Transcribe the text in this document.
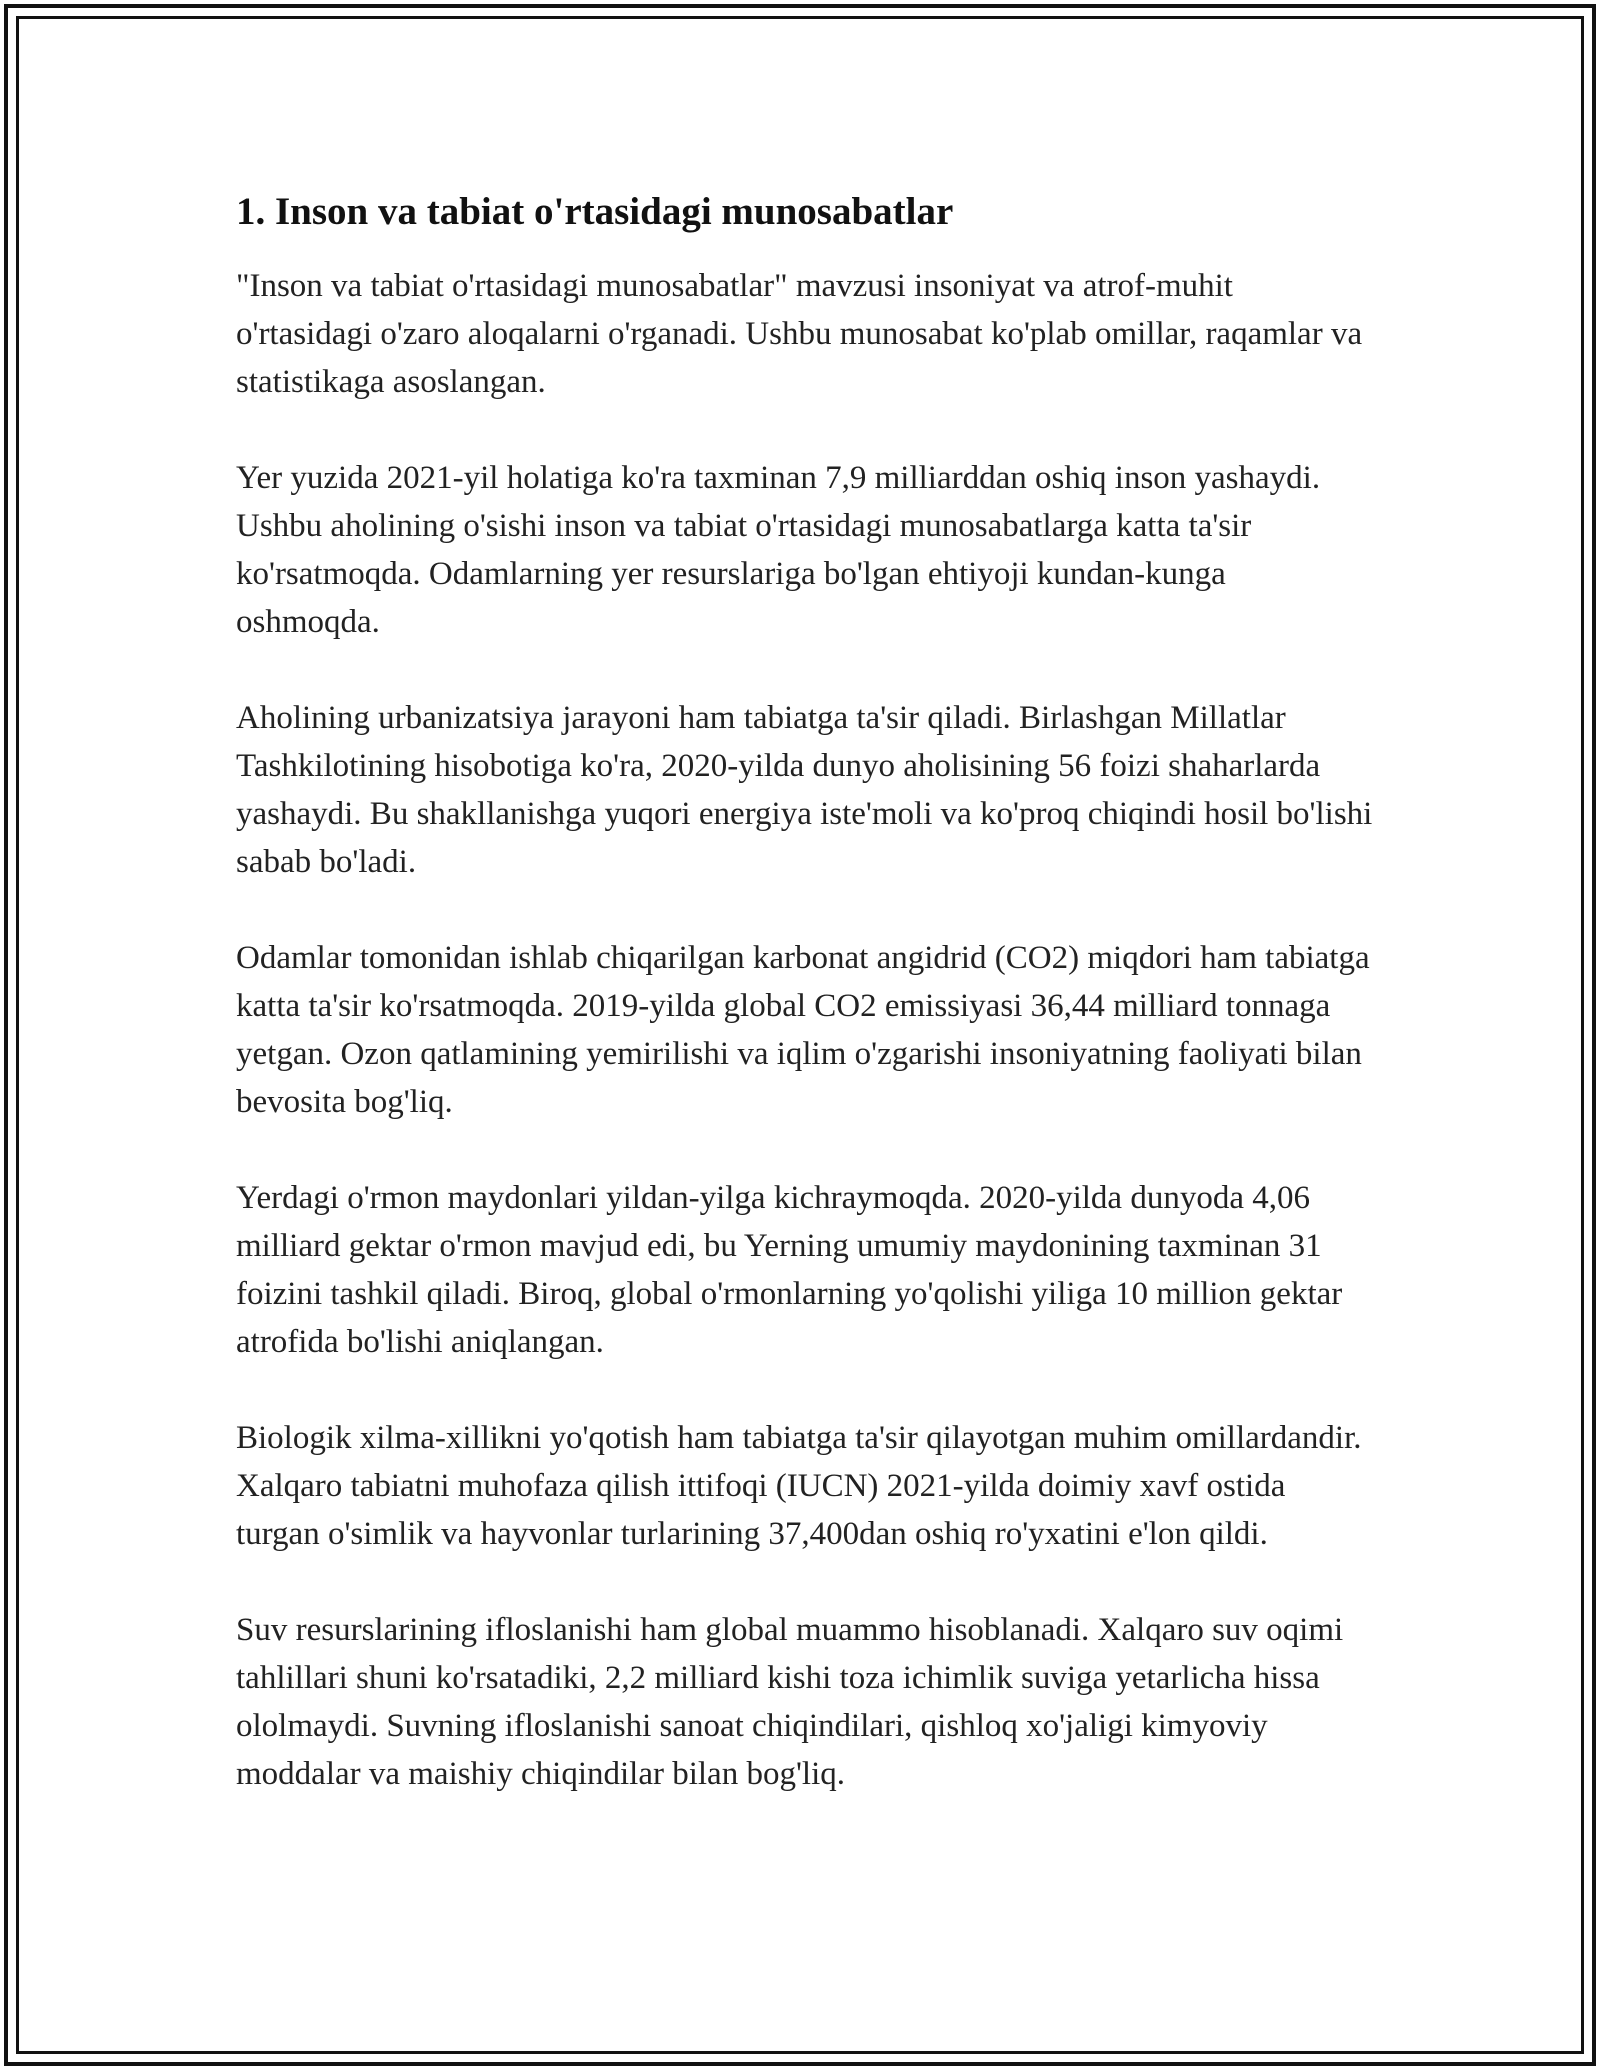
1. Inson va tabiat o'rtasidagi munosabatlar

"Inson va tabiat o'rtasidagi munosabatlar" mavzusi insoniyat va atrof-muhit o'rtasidagi o'zaro aloqalarni o'rganadi. Ushbu munosabat ko'plab omillar, raqamlar va statistikaga asoslangan.

Yer yuzida 2021-yil holatiga ko'ra taxminan 7,9 milliarddan oshiq inson yashaydi. Ushbu aholining o'sishi inson va tabiat o'rtasidagi munosabatlarga katta ta'sir ko'rsatmoqda. Odamlarning yer resurslariga bo'lgan ehtiyoji kundan-kunga oshmoqda.

Aholining urbanizatsiya jarayoni ham tabiatga ta'sir qiladi. Birlashgan Millatlar Tashkilotining hisobotiga ko'ra, 2020-yilda dunyo aholisining 56 foizi shaharlarda yashaydi. Bu shakllanishga yuqori energiya iste'moli va ko'proq chiqindi hosil bo'lishi sabab bo'ladi.

Odamlar tomonidan ishlab chiqarilgan karbonat angidrid (CO2) miqdori ham tabiatga katta ta'sir ko'rsatmoqda. 2019-yilda global CO2 emissiyasi 36,44 milliard tonnaga yetgan. Ozon qatlamining yemirilishi va iqlim o'zgarishi insoniyatning faoliyati bilan bevosita bog'liq.

Yerdagi o'rmon maydonlari yildan-yilga kichraymoqda. 2020-yilda dunyoda 4,06 milliard gektar o'rmon mavjud edi, bu Yerning umumiy maydonining taxminan 31 foizini tashkil qiladi. Biroq, global o'rmonlarning yo'qolishi yiliga 10 million gektar atrofida bo'lishi aniqlangan.

Biologik xilma-xillikni yo'qotish ham tabiatga ta'sir qilayotgan muhim omillardandir. Xalqaro tabiatni muhofaza qilish ittifoqi (IUCN) 2021-yilda doimiy xavf ostida turgan o'simlik va hayvonlar turlarining 37,400dan oshiq ro'yxatini e'lon qildi.

Suv resurslarining ifloslanishi ham global muammo hisoblanadi. Xalqaro suv oqimi tahlillari shuni ko'rsatadiki, 2,2 milliard kishi toza ichimlik suviga yetarlicha hissa ololmaydi. Suvning ifloslanishi sanoat chiqindilari, qishloq xo'jaligi kimyoviy moddalar va maishiy chiqindilar bilan bog'liq.
